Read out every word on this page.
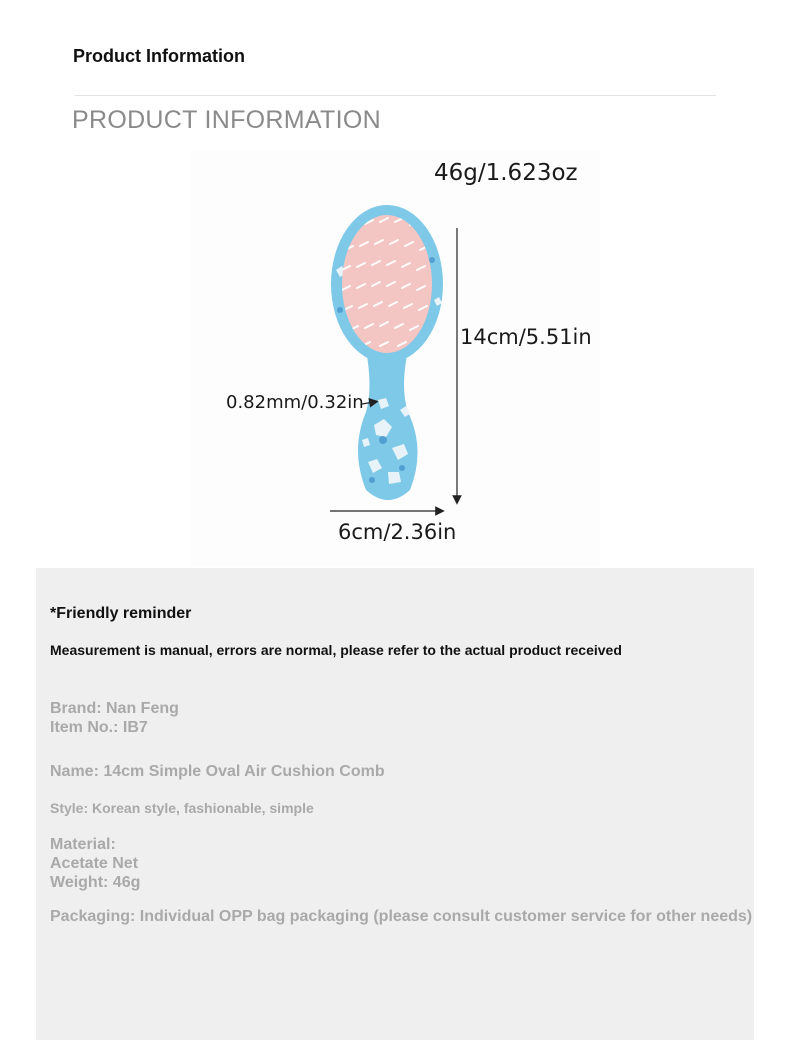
Product Information
PRODUCT INFORMATION
46g/1.623oz
14cm/5.51in
0.82mm/0.32in
6cm/2.36in
*Friendly reminder
Measurement is manual, errors are normal, please refer to the actual product received
Brand: Nan Feng
Item No.: IB7
Name: 14cm Simple Oval Air Cushion Comb
Style: Korean style, fashionable, simple
Material:
Acetate Net
Weight: 46g
Packaging: Individual OPP bag packaging (please consult customer service for other needs)
